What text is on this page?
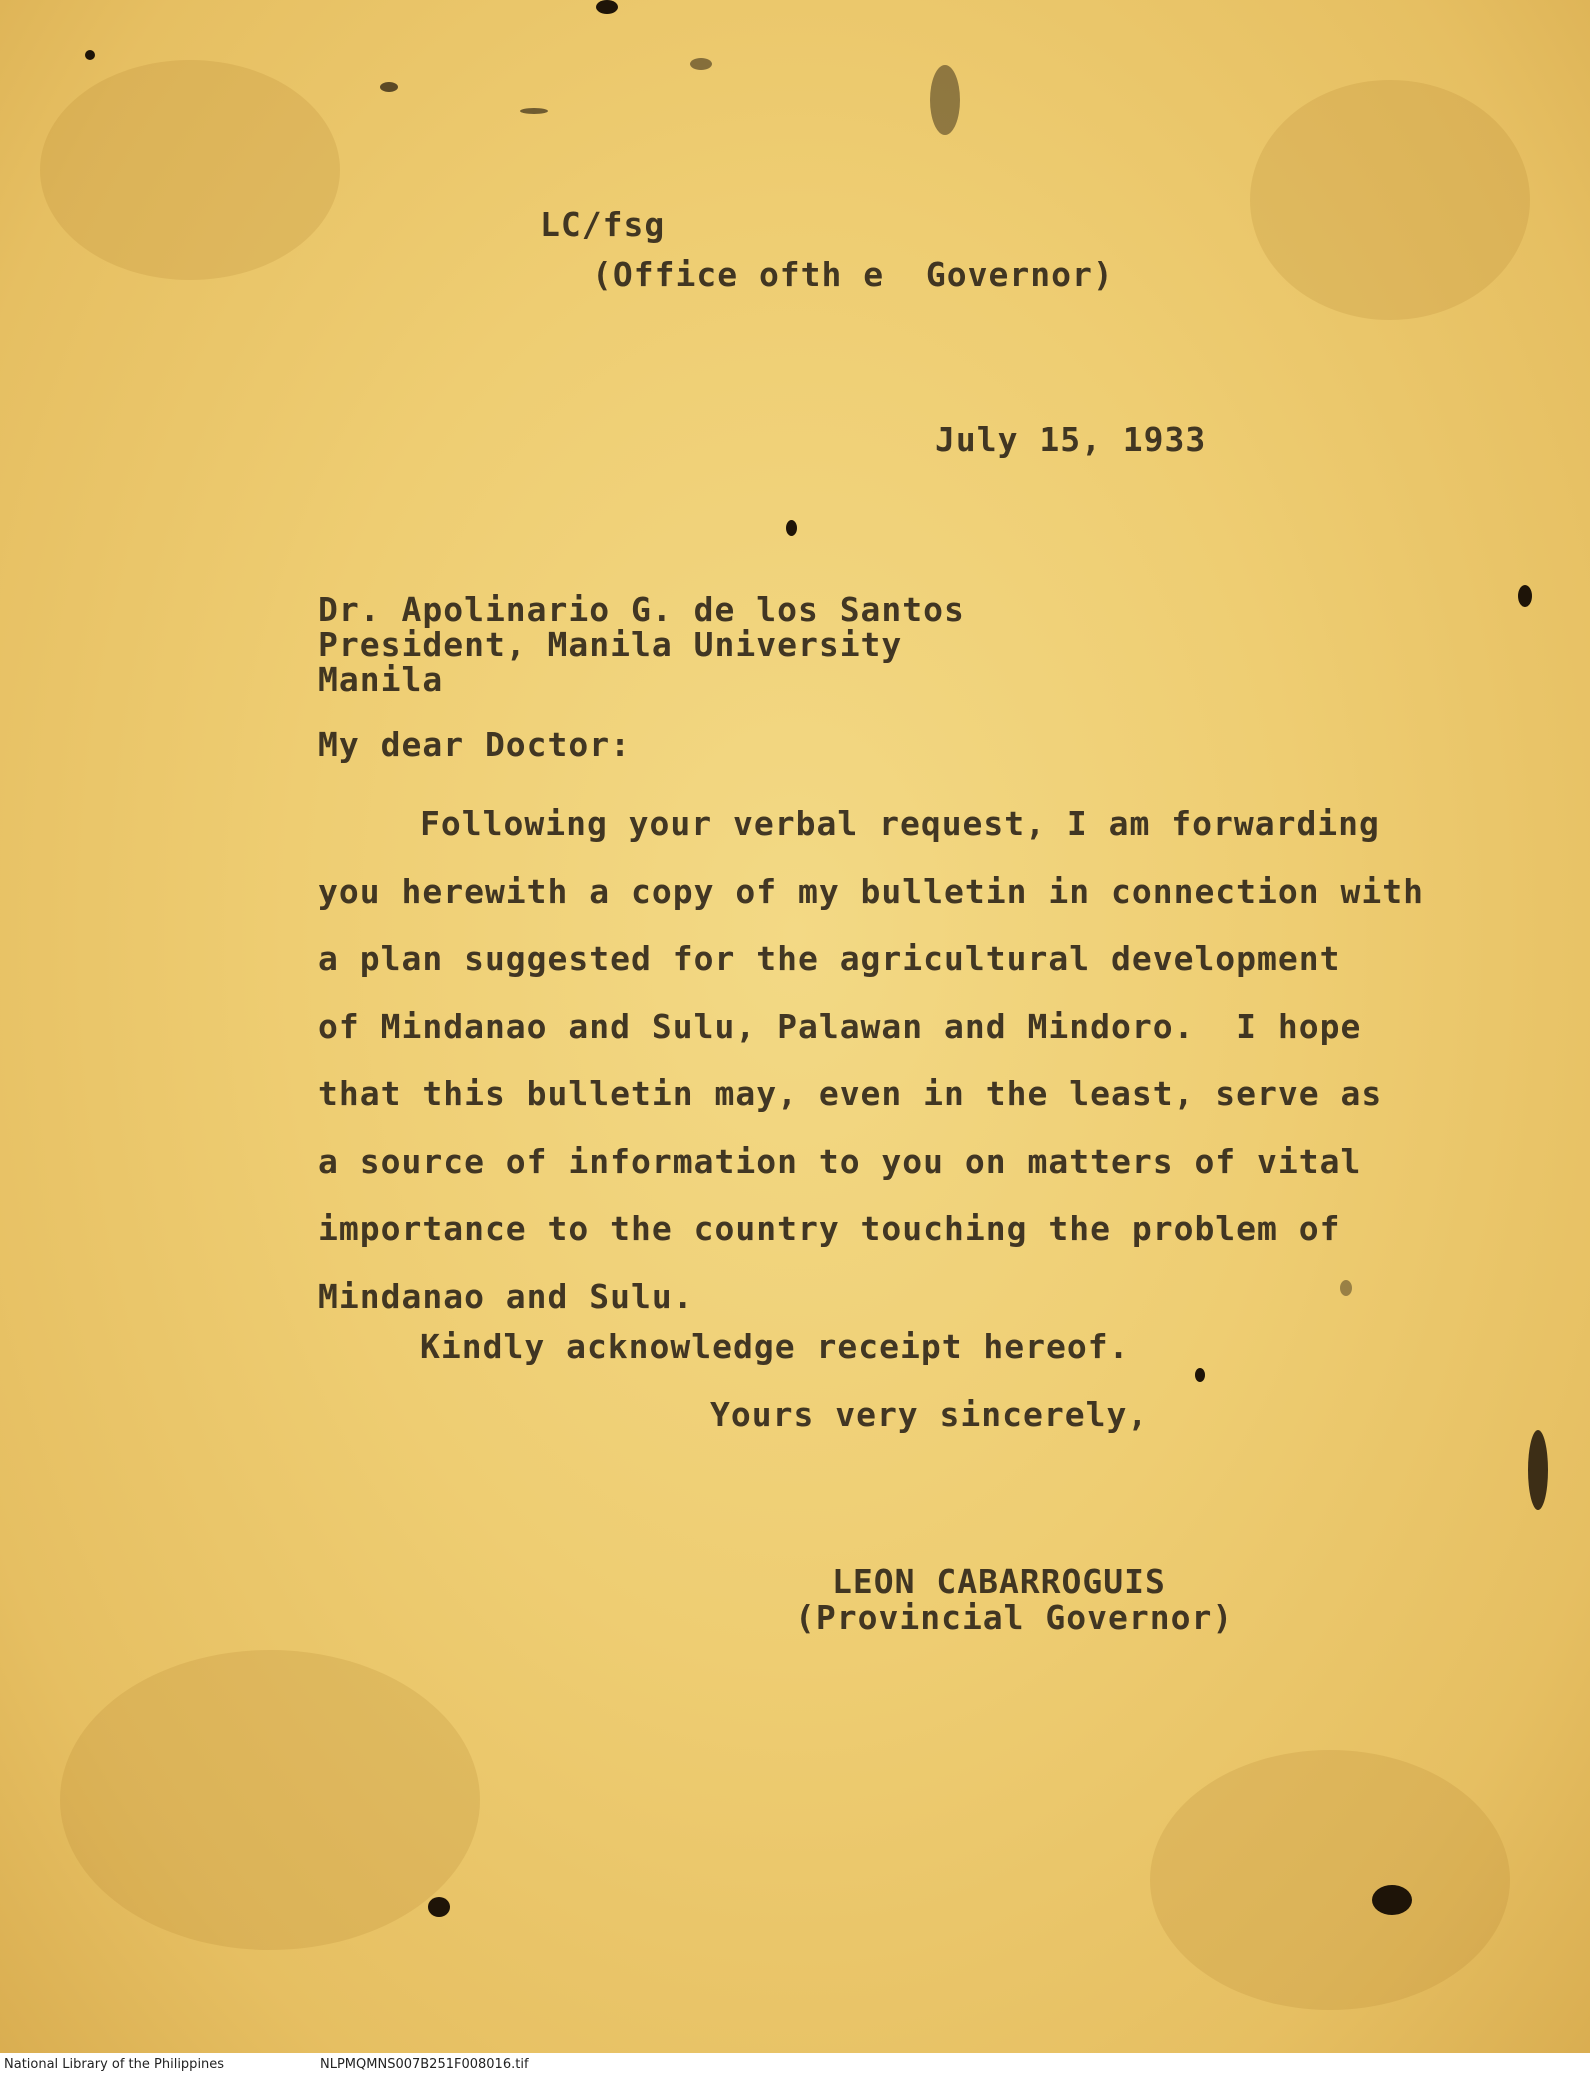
LC/fsg
(Office ofth e  Governor)
July 15, 1933
Dr. Apolinario G. de los Santos
President, Manila University
Manila
My dear Doctor:
Following your verbal request, I am forwarding
you herewith a copy of my bulletin in connection with
a plan suggested for the agricultural development
of Mindanao and Sulu, Palawan and Mindoro.  I hope
that this bulletin may, even in the least, serve as
a source of information to you on matters of vital
importance to the country touching the problem of
Mindanao and Sulu.
Kindly acknowledge receipt hereof.
Yours very sincerely,
LEON CABARROGUIS
(Provincial Governor)
National Library of the Philippines	NLPMQMNS007B251F008016.tif
